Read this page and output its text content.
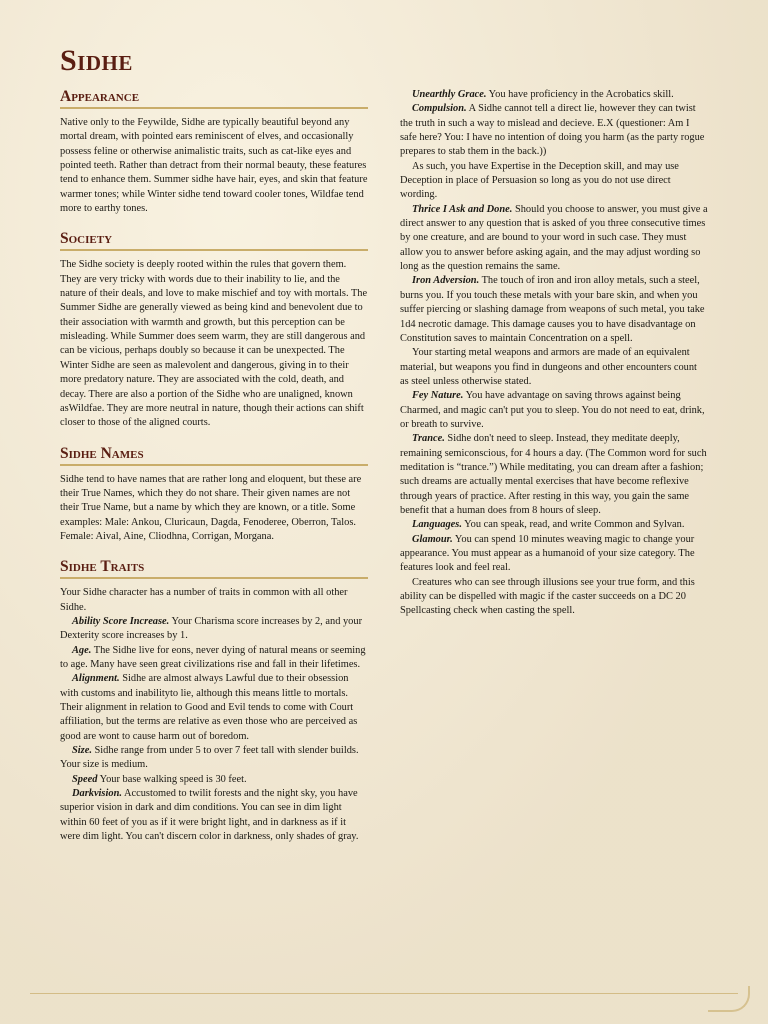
Sidhe
Appearance

Native only to the Feywilde, Sidhe are typically beautiful beyond any mortal dream, with pointed ears reminiscent of elves, and occasionally possess feline or otherwise animalistic traits, such as cat-like eyes and pointed teeth. Rather than detract from their normal beauty, these features tend to enhance them. Summer sidhe have hair, eyes, and skin that feature warmer tones; while Winter sidhe tend toward cooler tones, Wildfae tend more to earthy tones.

Society

The Sidhe society is deeply rooted within the rules that govern them. They are very tricky with words due to their inability to lie, and the nature of their deals, and love to make mischief and toy with mortals. The Summer Sidhe are generally viewed as being kind and benevolent due to their association with warmth and growth, but this perception can be misleading. While Summer does seem warm, they are still dangerous and can be vicious, perhaps doubly so because it can be unexpected. The Winter Sidhe are seen as malevolent and dangerous, giving in to their more predatory nature. They are associated with the cold, death, and decay. There are also a portion of the Sidhe who are unaligned, known asWildfae. They are more neutral in nature, though their actions can shift closer to those of the aligned courts.

Sidhe Names

Sidhe tend to have names that are rather long and eloquent, but these are their True Names, which they do not share. Their given names are not their True Name, but a name by which they are known, or a title. Some examples: Male: Ankou, Cluricaun, Dagda, Fenoderee, Oberron, Talos. Female: Aival, Aine, Cliodhna, Corrigan, Morgana.

Sidhe Traits

Your Sidhe character has a number of traits in common with all other Sidhe.

Ability Score Increase. Your Charisma score increases by 2, and your Dexterity score increases by 1.

Age. The Sidhe live for eons, never dying of natural means or seeming to age. Many have seen great civilizations rise and fall in their lifetimes.

Alignment. Sidhe are almost always Lawful due to their obsession with customs and inabilityto lie, although this means little to mortals. Their alignment in relation to Good and Evil tends to come with Court affiliation, but the terms are relative as even those who are perceived as good are wont to cause harm out of boredom.

Size. Sidhe range from under 5 to over 7 feet tall with slender builds. Your size is medium.

Speed Your base walking speed is 30 feet.

Darkvision. Accustomed to twilit forests and the night sky, you have superior vision in dark and dim conditions. You can see in dim light within 60 feet of you as if it were bright light, and in darkness as if it were dim light. You can't discern color in darkness, only shades of gray.

Unearthly Grace. You have proficiency in the Acrobatics skill.

Compulsion. A Sidhe cannot tell a direct lie, however they can twist the truth in such a way to mislead and decieve. E.X (questioner: Am I safe here? You: I have no intention of doing you harm (as the party rogue prepares to stab them in the back.))

As such, you have Expertise in the Deception skill, and may use Deception in place of Persuasion so long as you do not use direct wording.

Thrice I Ask and Done. Should you choose to answer, you must give a direct answer to any question that is asked of you three consecutive times by one creature, and are bound to your word in such case. They must allow you to answer before asking again, and the may adjust wording so long as the question remains the same.

Iron Adversion. The touch of iron and iron alloy metals, such a steel, burns you. If you touch these metals with your bare skin, and when you suffer piercing or slashing damage from weapons of such metal, you take 1d4 necrotic damage. This damage causes you to have disadvantage on Constitution saves to maintain Concentration on a spell.

Your starting metal weapons and armors are made of an equivalent material, but weapons you find in dungeons and other encounters count as steel unless otherwise stated.

Fey Nature. You have advantage on saving throws against being Charmed, and magic can't put you to sleep. You do not need to eat, drink, or breath to survive.

Trance. Sidhe don't need to sleep. Instead, they meditate deeply, remaining semiconscious, for 4 hours a day. (The Common word for such meditation is “trance.”) While meditating, you can dream after a fashion; such dreams are actually mental exercises that have become reflexive through years of practice. After resting in this way, you gain the same benefit that a human does from 8 hours of sleep.

Languages. You can speak, read, and write Common and Sylvan.

Glamour. You can spend 10 minutes weaving magic to change your appearance. You must appear as a humanoid of your size category. The features look and feel real.

Creatures who can see through illusions see your true form, and this ability can be dispelled with magic if the caster succeeds on a DC 20 Spellcasting check when casting the spell.
